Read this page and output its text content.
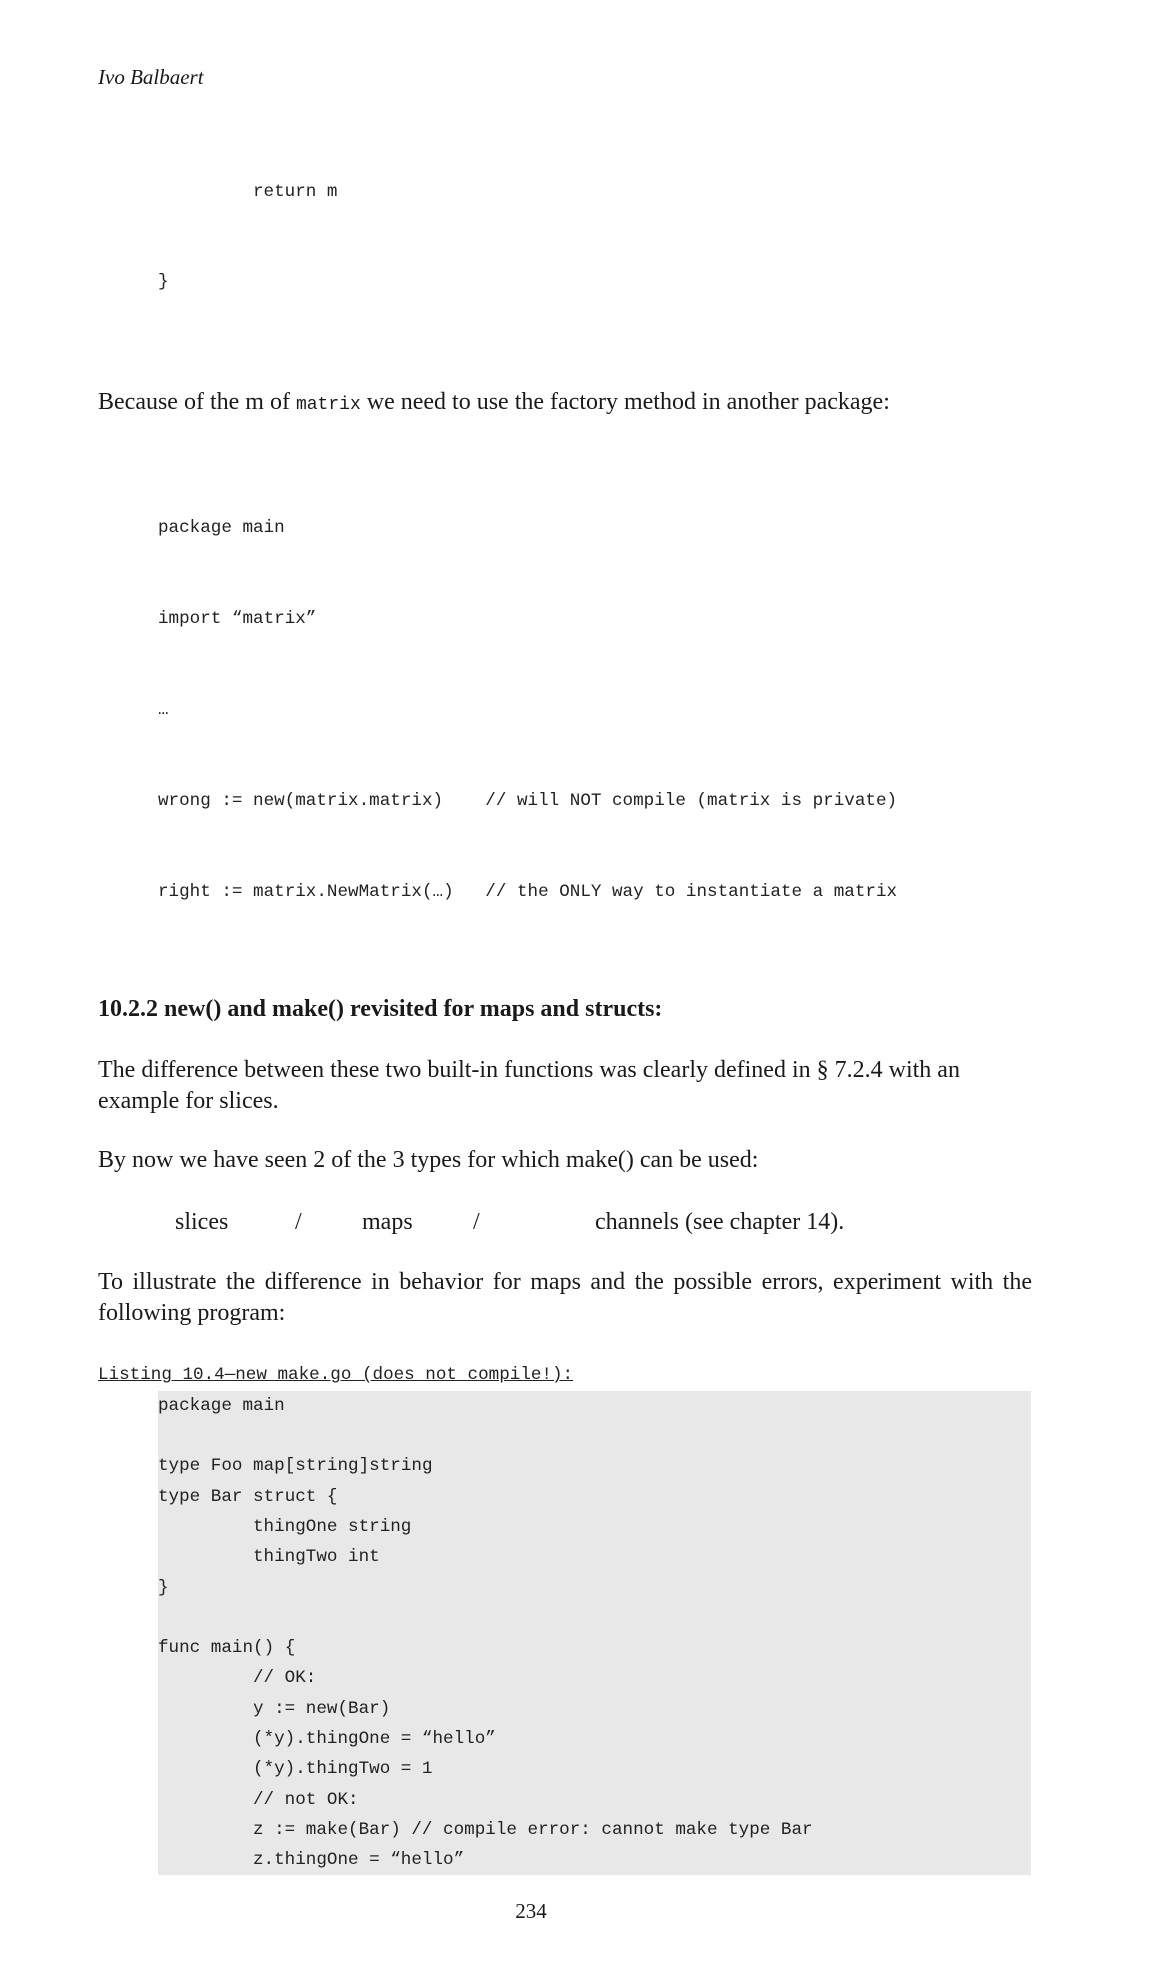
Ivo Balbaert

return m

}

Because of the m of matrix we need to use the factory method in another package:

package main

import “matrix”

…

wrong := new(matrix.matrix)    // will NOT compile (matrix is private)

right := matrix.NewMatrix(…)   // the ONLY way to instantiate a matrix

10.2.2 new() and make() revisited for maps and structs:
The difference between these two built-in functions was clearly defined in § 7.2.4 with an example for slices.
By now we have seen 2 of the 3 types for which make() can be used:
slices	/	maps	/	channels (see chapter 14).
To illustrate the difference in behavior for maps and the possible errors, experiment with the following program:
Listing 10.4—new_make.go (does not compile!):
package main
type Foo map[string]string
type Bar struct {
thingOne string
thingTwo int
}
func main() {
// OK:
y := new(Bar)
(*y).thingOne = “hello”
(*y).thingTwo = 1
// not OK:
z := make(Bar) // compile error: cannot make type Bar
z.thingOne = “hello”
234
